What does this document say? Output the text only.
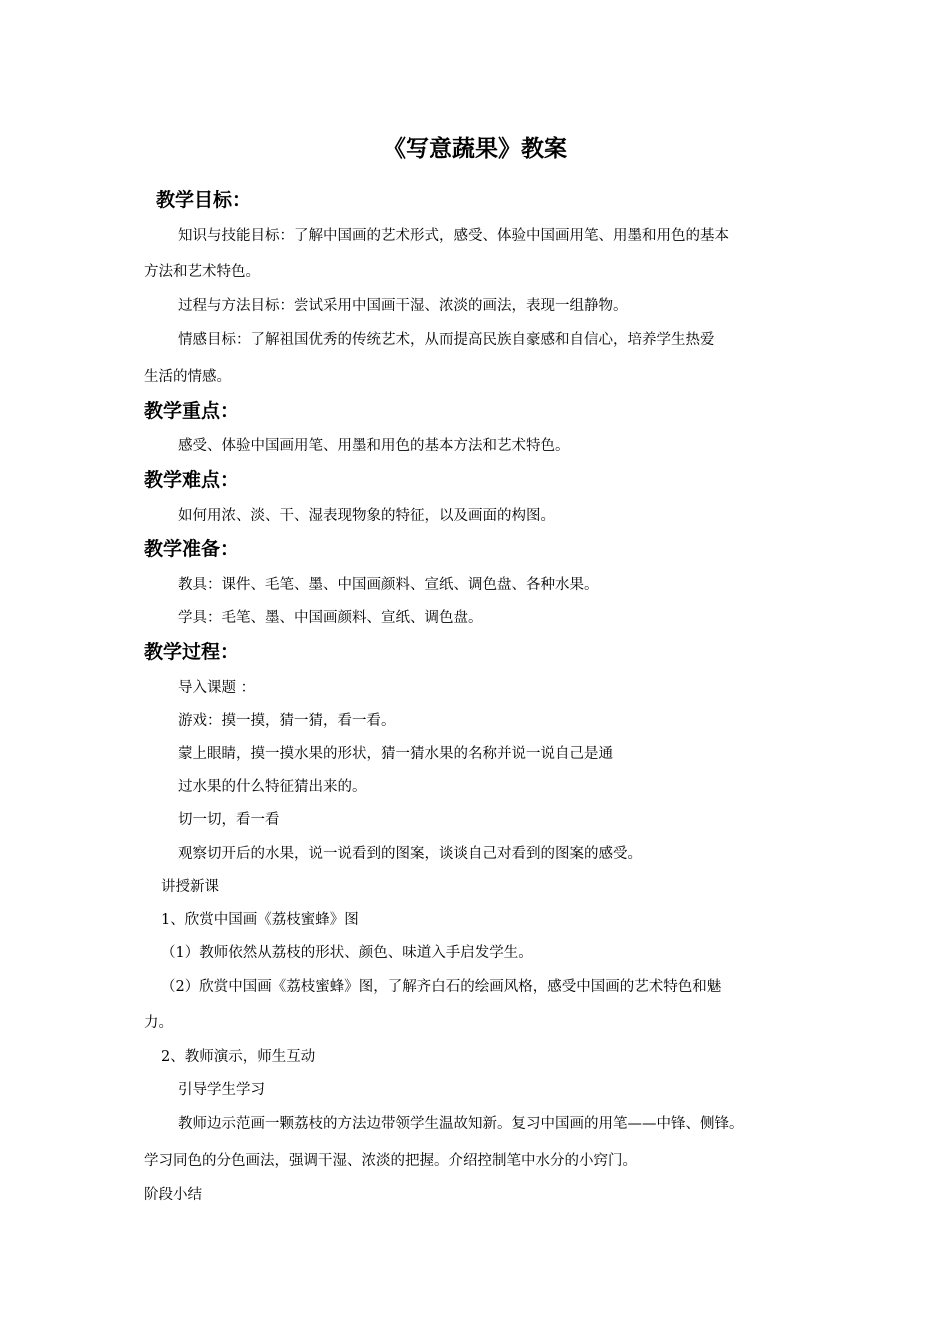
《写意蔬果》教案
教学目标：
知识与技能目标：了解中国画的艺术形式，感受、体验中国画用笔、用墨和用色的基本
方法和艺术特色。
过程与方法目标：尝试采用中国画干湿、浓淡的画法，表现一组静物。
情感目标：了解祖国优秀的传统艺术，从而提高民族自豪感和自信心，培养学生热爱
生活的情感。
教学重点：
感受、体验中国画用笔、用墨和用色的基本方法和艺术特色。
教学难点：
如何用浓、淡、干、湿表现物象的特征，以及画面的构图。
教学准备：
教具：课件、毛笔、墨、中国画颜料、宣纸、调色盘、各种水果。
学具：毛笔、墨、中国画颜料、宣纸、调色盘。
教学过程：
导入课题 ：
游戏：摸一摸，猜一猜，看一看。
蒙上眼睛，摸一摸水果的形状，猜一猜水果的名称并说一说自己是通
过水果的什么特征猜出来的。
切一切，看一看
观察切开后的水果，说一说看到的图案，谈谈自己对看到的图案的感受。
讲授新课
1、欣赏中国画《荔枝蜜蜂》图
（1）教师依然从荔枝的形状、颜色、味道入手启发学生。
（2）欣赏中国画《荔枝蜜蜂》图，了解齐白石的绘画风格，感受中国画的艺术特色和魅
力。
2、教师演示，师生互动
引导学生学习
教师边示范画一颗荔枝的方法边带领学生温故知新。复习中国画的用笔——中锋、侧锋。
学习同色的分色画法，强调干湿、浓淡的把握。介绍控制笔中水分的小窍门。
阶段小结
